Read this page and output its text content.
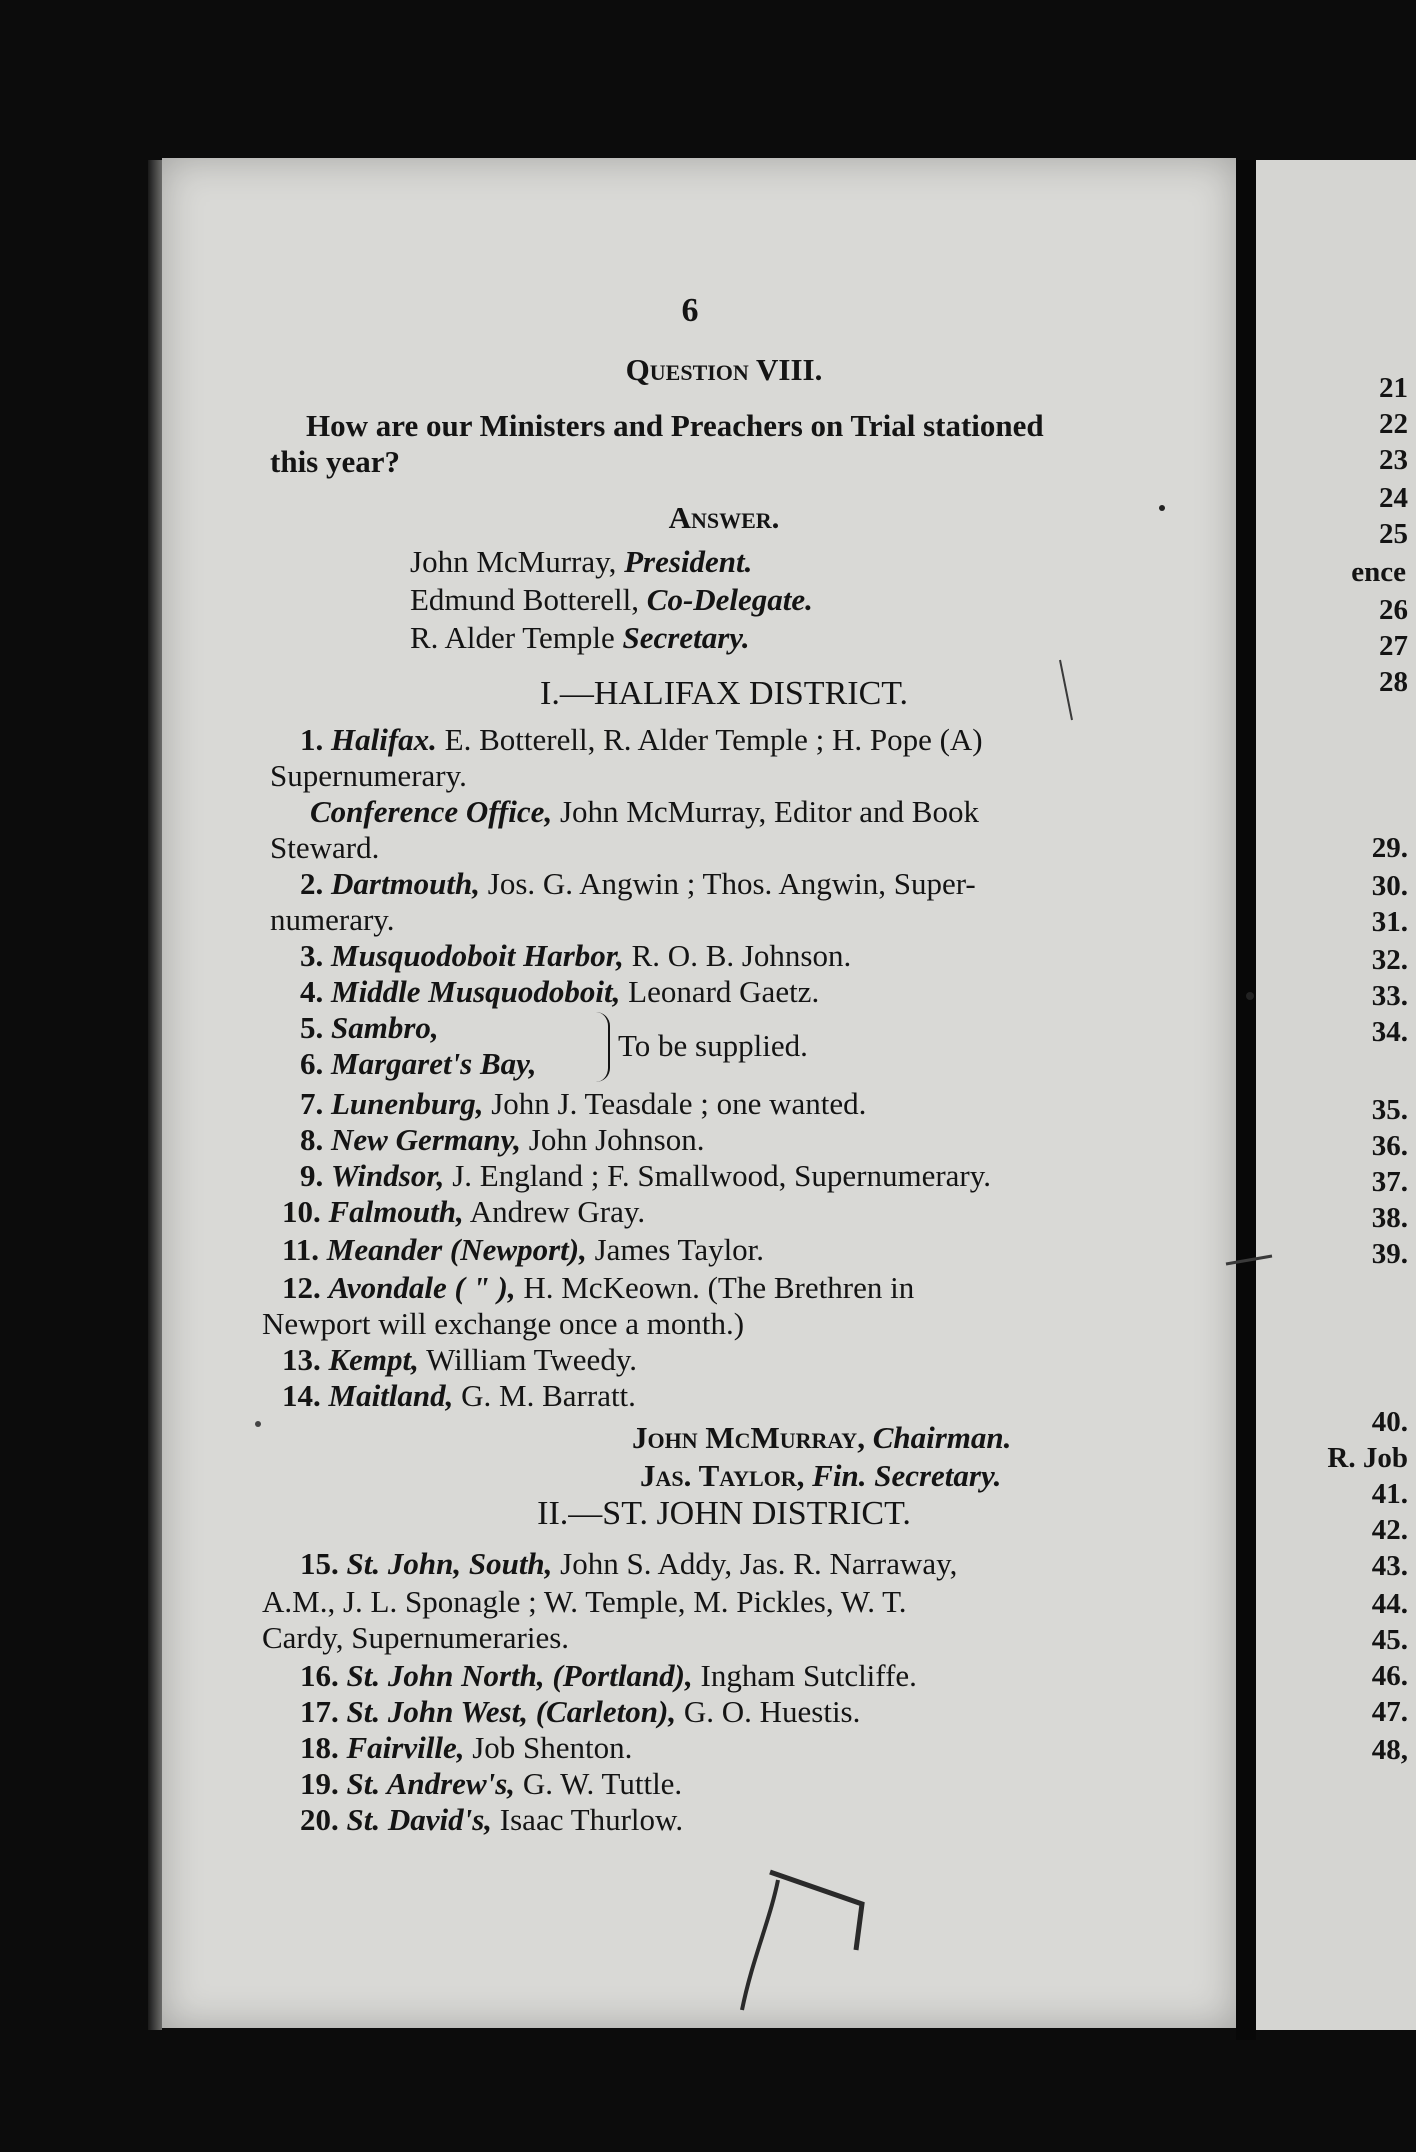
6
Question VIII.
How are our Ministers and Preachers on Trial stationed
this year?
Answer.
John McMurray, President.
Edmund Botterell, Co-Delegate.
R. Alder Temple Secretary.
I.—HALIFAX DISTRICT.
1. Halifax. E. Botterell, R. Alder Temple ; H. Pope (A)
Supernumerary.
Conference Office, John McMurray, Editor and Book
Steward.
2. Dartmouth, Jos. G. Angwin ; Thos. Angwin, Super-
numerary.
3. Musquodoboit Harbor, R. O. B. Johnson.
4. Middle Musquodoboit, Leonard Gaetz.
5. Sambro,
6. Margaret's Bay,
To be supplied.
7. Lunenburg, John J. Teasdale ; one wanted.
8. New Germany, John Johnson.
9. Windsor, J. England ; F. Smallwood, Supernumerary.
10. Falmouth, Andrew Gray.
11. Meander (Newport), James Taylor.
12. Avondale ( " ), H. McKeown. (The Brethren in
Newport will exchange once a month.)
13. Kempt, William Tweedy.
14. Maitland, G. M. Barratt.
John McMurray, Chairman.
Jas. Taylor, Fin. Secretary.
II.—ST. JOHN DISTRICT.
15. St. John, South, John S. Addy, Jas. R. Narraway,
A.M., J. L. Sponagle ; W. Temple, M. Pickles, W. T.
Cardy, Supernumeraries.
16. St. John North, (Portland), Ingham Sutcliffe.
17. St. John West, (Carleton), G. O. Huestis.
18. Fairville, Job Shenton.
19. St. Andrew's, G. W. Tuttle.
20. St. David's, Isaac Thurlow.
21
22
23
24
25
ence
26
27
28
29.
30.
31.
32.
33.
34.
35.
36.
37.
38.
39.
40.
R. Job
41.
42.
43.
44.
45.
46.
47.
48,
